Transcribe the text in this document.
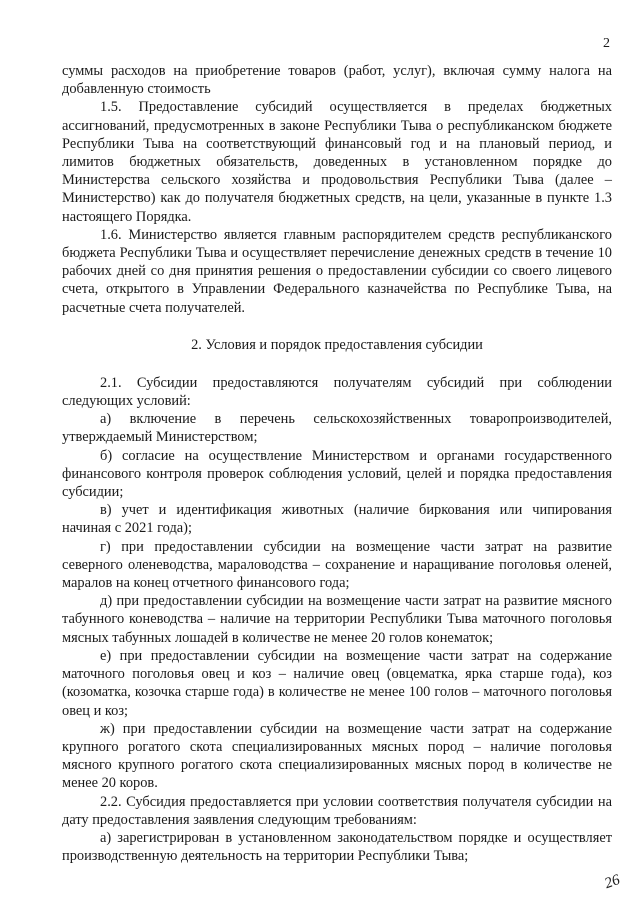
2

суммы расходов на приобретение товаров (работ, услуг), включая сумму налога на добавленную стоимость

1.5. Предоставление субсидий осуществляется в пределах бюджетных ассигнований, предусмотренных в законе Республики Тыва о республиканском бюджете Республики Тыва на соответствующий финансовый год и на плановый период, и лимитов бюджетных обязательств, доведенных в установленном порядке до Министерства сельского хозяйства и продовольствия Республики Тыва (далее – Министерство) как до получателя бюджетных средств, на цели, указанные в пункте 1.3 настоящего Порядка.

1.6. Министерство является главным распорядителем средств республиканского бюджета Республики Тыва и осуществляет перечисление денежных средств в течение 10 рабочих дней со дня принятия решения о предоставлении субсидии со своего лицевого счета, открытого в Управлении Федерального казначейства по Республике Тыва, на расчетные счета получателей.

2. Условия и порядок предоставления субсидии

2.1. Субсидии предоставляются получателям субсидий при соблюдении следующих условий:

а) включение в перечень сельскохозяйственных товаропроизводителей, утверждаемый Министерством;

б) согласие на осуществление Министерством и органами государственного финансового контроля проверок соблюдения условий, целей и порядка предоставления субсидии;

в) учет и идентификация животных (наличие биркования или чипирования начиная с 2021 года);

г) при предоставлении субсидии на возмещение части затрат на развитие северного оленеводства, мараловодства – сохранение и наращивание поголовья оленей, маралов на конец отчетного финансового года;

д) при предоставлении субсидии на возмещение части затрат на развитие мясного табунного коневодства – наличие на территории Республики Тыва маточного поголовья мясных табунных лошадей в количестве не менее 20 голов конематок;

е) при предоставлении субсидии на возмещение части затрат на содержание маточного поголовья овец и коз – наличие овец (овцематка, ярка старше года), коз (козоматка, козочка старше года) в количестве не менее 100 голов – маточного поголовья овец и коз;

ж) при предоставлении субсидии на возмещение части затрат на содержание крупного рогатого скота специализированных мясных пород – наличие поголовья мясного крупного рогатого скота специализированных мясных пород в количестве не менее 20 коров.

2.2. Субсидия предоставляется при условии соответствия получателя субсидии на дату предоставления заявления следующим требованиям:

а) зарегистрирован в установленном законодательством порядке и осуществляет производственную деятельность на территории Республики Тыва;

26
